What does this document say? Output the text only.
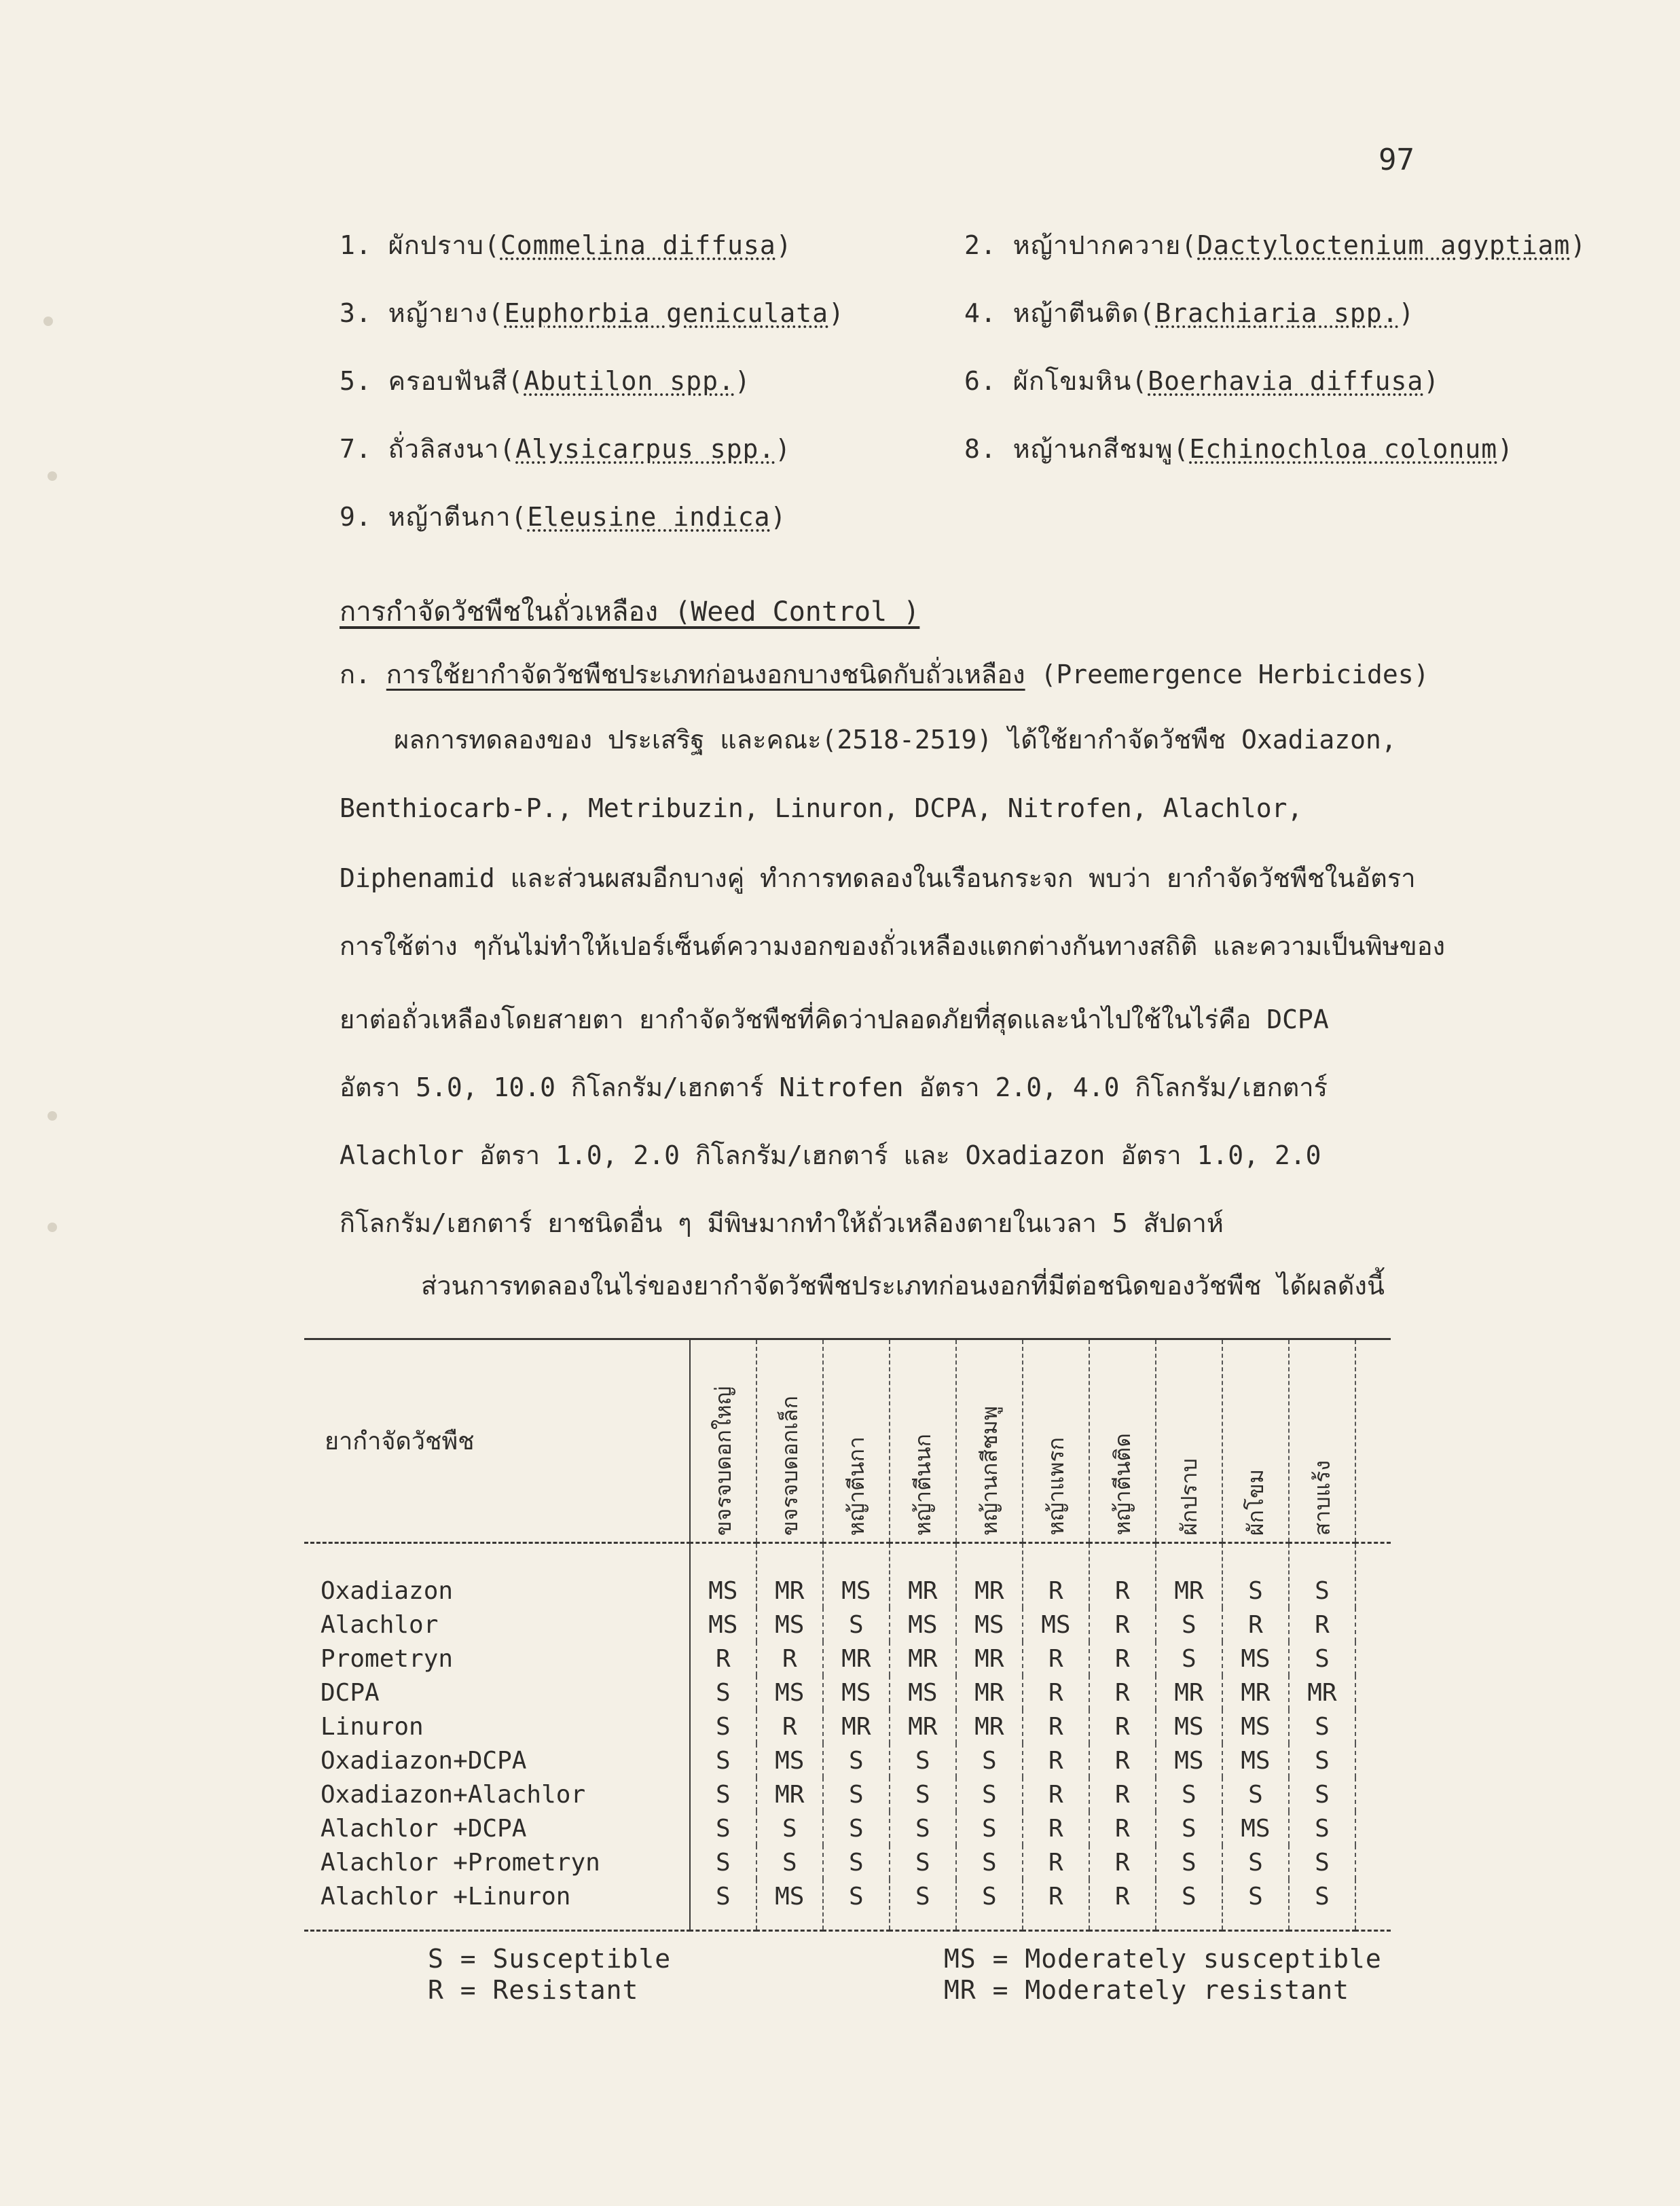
97
1. ผักปราบ(Commelina diffusa)	2. หญ้าปากควาย(Dactyloctenium agyptiam)
3. หญ้ายาง(Euphorbia geniculata)	4. หญ้าตีนติด(Brachiaria spp.)
5. ครอบฟันสี(Abutilon spp.)	6. ผักโขมหิน(Boerhavia diffusa)
7. ถั่วลิสงนา(Alysicarpus spp.)	8. หญ้านกสีชมพู(Echinochloa colonum)
9. หญ้าตีนกา(Eleusine indica)
การกำจัดวัชพืชในถั่วเหลือง (Weed Control )
ก. การใช้ยากำจัดวัชพืชประเภทก่อนงอกบางชนิดกับถั่วเหลือง (Preemergence Herbicides)
ผลการทดลองของ ประเสริฐ และคณะ(2518-2519) ได้ใช้ยากำจัดวัชพืช Oxadiazon,
Benthiocarb-P., Metribuzin, Linuron, DCPA, Nitrofen, Alachlor,
Diphenamid และส่วนผสมอีกบางคู่ ทำการทดลองในเรือนกระจก พบว่า ยากำจัดวัชพืชในอัตรา
การใช้ต่าง ๆกันไม่ทำให้เปอร์เซ็นต์ความงอกของถั่วเหลืองแตกต่างกันทางสถิติ และความเป็นพิษของ
ยาต่อถั่วเหลืองโดยสายตา ยากำจัดวัชพืชที่คิดว่าปลอดภัยที่สุดและนำไปใช้ในไร่คือ DCPA
อัตรา 5.0, 10.0 กิโลกรัม/เฮกตาร์ Nitrofen อัตรา 2.0, 4.0 กิโลกรัม/เฮกตาร์
Alachlor อัตรา 1.0, 2.0 กิโลกรัม/เฮกตาร์ และ Oxadiazon อัตรา 1.0, 2.0
กิโลกรัม/เฮกตาร์ ยาชนิดอื่น ๆ มีพิษมากทำให้ถั่วเหลืองตายในเวลา 5 สัปดาห์
ส่วนการทดลองในไร่ของยากำจัดวัชพืชประเภทก่อนงอกที่มีต่อชนิดของวัชพืช ได้ผลดังนี้
ยากำจัดวัชพืช	ขจรจบดอกใหญ่	ขจรจบดอกเล็ก	หญ้าตีนกา	หญ้าตีนนก	หญ้านกสีชมพู	หญ้าแพรก	หญ้าตีนติด	ผักปราบ	ผักโขม	สาบแร้ง	
Oxadiazon	MS	MR	MS	MR	MR	R	R	MR	S	S	
Alachlor	MS	MS	S	MS	MS	MS	R	S	R	R	
Prometryn	R	R	MR	MR	MR	R	R	S	MS	S	
DCPA	S	MS	MS	MS	MR	R	R	MR	MR	MR	
Linuron	S	R	MR	MR	MR	R	R	MS	MS	S	
Oxadiazon+DCPA	S	MS	S	S	S	R	R	MS	MS	S	
Oxadiazon+Alachlor	S	MR	S	S	S	R	R	S	S	S	
Alachlor +DCPA	S	S	S	S	S	R	R	S	MS	S	
Alachlor +Prometryn	S	S	S	S	S	R	R	S	S	S	
Alachlor +Linuron	S	MS	S	S	S	R	R	S	S	S	
S = Susceptible
R = Resistant
MS = Moderately susceptible
MR = Moderately resistant
